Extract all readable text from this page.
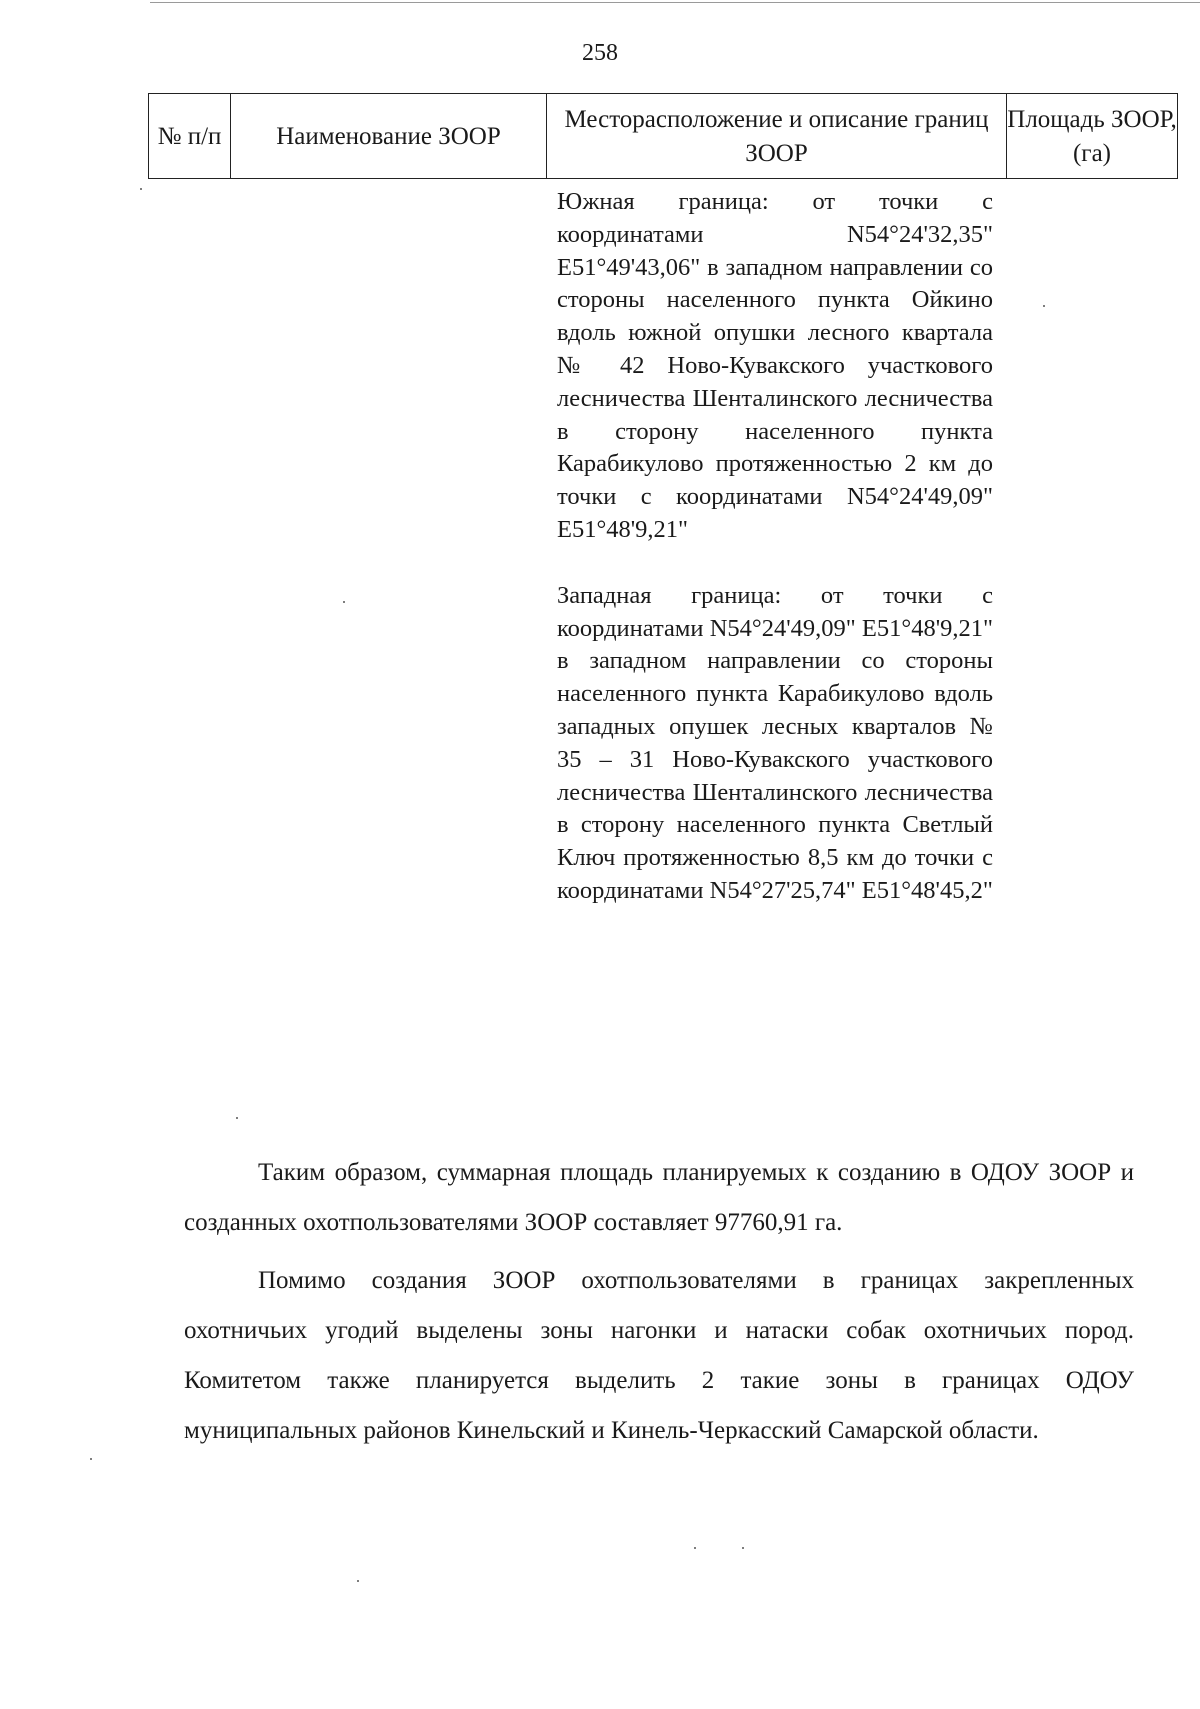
258
№ п/п	Наименование ЗООР
Месторасположение и описание границ ЗООР
Площадь ЗООР, (га)

Южная граница: от точки с координатами N54°24'32,35" E51°49'43,06" в западном направлении со стороны населенного пункта Ойкино вдоль южной опушки лесного квартала № 42 Ново-Кувакского участкового лесничества Шенталинского лесничества в сторону населенного пункта Карабикулово протяженностью 2 км до точки с координатами N54°24'49,09" E51°48'9,21"

Западная граница: от точки с координатами N54°24'49,09" E51°48'9,21" в западном направлении со стороны населенного пункта Карабикулово вдоль западных опушек лесных кварталов № 35 – 31 Ново-Кувакского участкового лесничества Шенталинского лесничества в сторону населенного пункта Светлый Ключ протяженностью 8,5 км до точки с координатами N54°27'25,74" E51°48'45,2"

Таким образом, суммарная площадь планируемых к созданию в ОДОУ ЗООР и созданных охотпользователями ЗООР составляет 97760,91 га.

Помимо создания ЗООР охотпользователями в границах закрепленных охотничьих угодий выделены зоны нагонки и натаски собак охотничьих пород. Комитетом также планируется выделить 2 такие зоны в границах ОДОУ муниципальных районов Кинельский и Кинель-Черкасский Самарской области.
